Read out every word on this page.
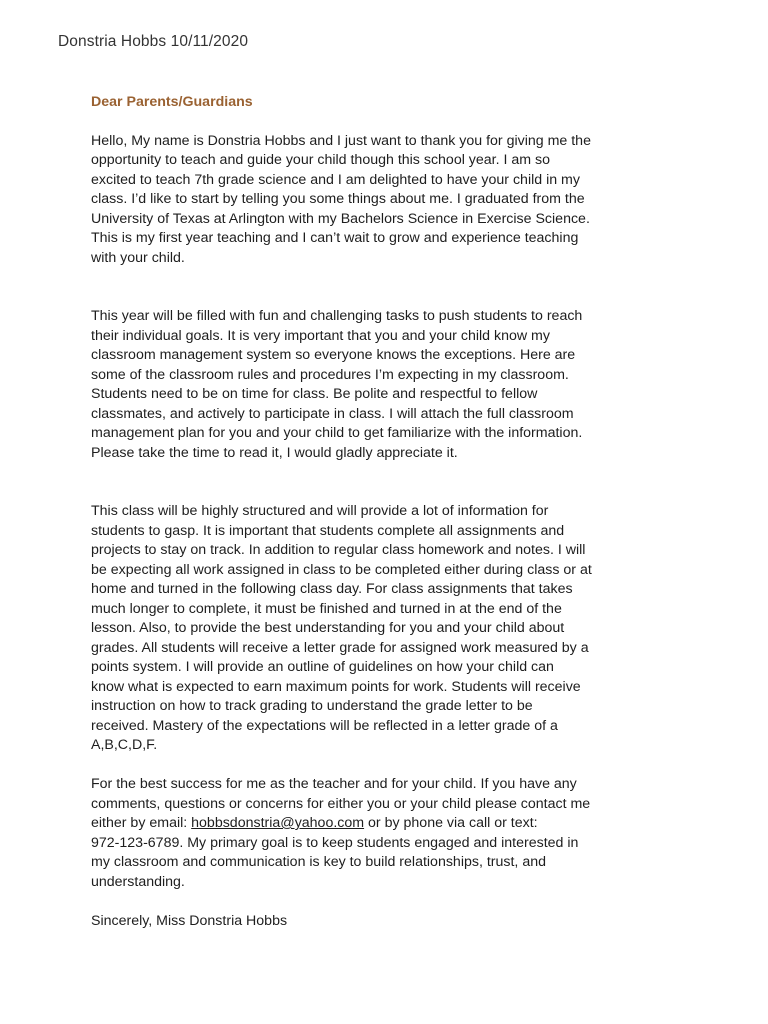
Donstria Hobbs 10/11/2020
Dear Parents/Guardians
Hello, My name is Donstria Hobbs and I just want to thank you for giving me the
opportunity to teach and guide your child though this school year. I am so
excited to teach 7th grade science and I am delighted to have your child in my
class. I’d like to start by telling you some things about me. I graduated from the
University of Texas at Arlington with my Bachelors Science in Exercise Science.
This is my first year teaching and I can’t wait to grow and experience teaching
with your child.
This year will be filled with fun and challenging tasks to push students to reach
their individual goals. It is very important that you and your child know my
classroom management system so everyone knows the exceptions. Here are
some of the classroom rules and procedures I’m expecting in my classroom.
Students need to be on time for class. Be polite and respectful to fellow
classmates, and actively to participate in class. I will attach the full classroom
management plan for you and your child to get familiarize with the information.
Please take the time to read it, I would gladly appreciate it.
This class will be highly structured and will provide a lot of information for
students to gasp. It is important that students complete all assignments and
projects to stay on track. In addition to regular class homework and notes. I will
be expecting all work assigned in class to be completed either during class or at
home and turned in the following class day. For class assignments that takes
much longer to complete, it must be finished and turned in at the end of the
lesson. Also, to provide the best understanding for you and your child about
grades. All students will receive a letter grade for assigned work measured by a
points system. I will provide an outline of guidelines on how your child can
know what is expected to earn maximum points for work. Students will receive
instruction on how to track grading to understand the grade letter to be
received. Mastery of the expectations will be reflected in a letter grade of a
A,B,C,D,F.
For the best success for me as the teacher and for your child. If you have any
comments, questions or concerns for either you or your child please contact me
either by email: hobbsdonstria@yahoo.com or by phone via call or text:
972-123-6789. My primary goal is to keep students engaged and interested in
my classroom and communication is key to build relationships, trust, and
understanding.
Sincerely, Miss Donstria Hobbs
